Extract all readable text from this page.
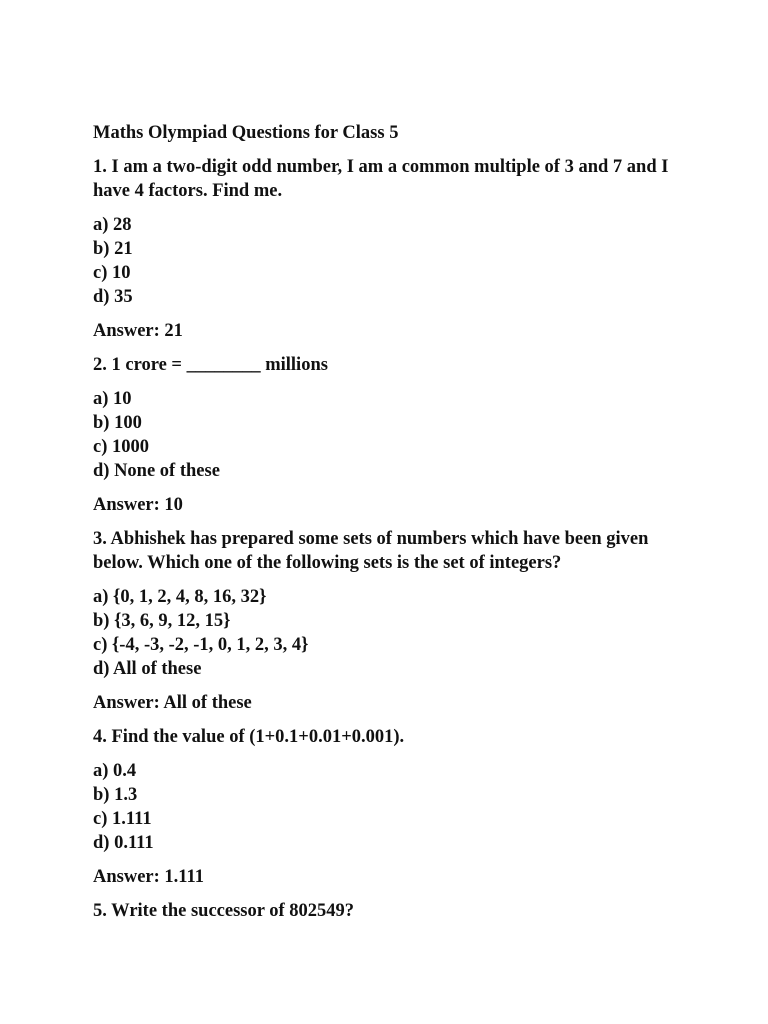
Maths Olympiad Questions for Class 5
1. I am a two-digit odd number, I am a common multiple of 3 and 7 and I have 4 factors. Find me.
a) 28
b) 21
c) 10
d) 35
Answer: 21
2. 1 crore = ________ millions
a) 10
b) 100
c) 1000
d) None of these
Answer: 10
3. Abhishek has prepared some sets of numbers which have been given below. Which one of the following sets is the set of integers?
a) {0, 1, 2, 4, 8, 16, 32}
b) {3, 6, 9, 12, 15}
c) {-4, -3, -2, -1, 0, 1, 2, 3, 4}
d) All of these
Answer: All of these
4. Find the value of (1+0.1+0.01+0.001).
a) 0.4
b) 1.3
c) 1.111
d) 0.111
Answer: 1.111
5. Write the successor of 802549?
